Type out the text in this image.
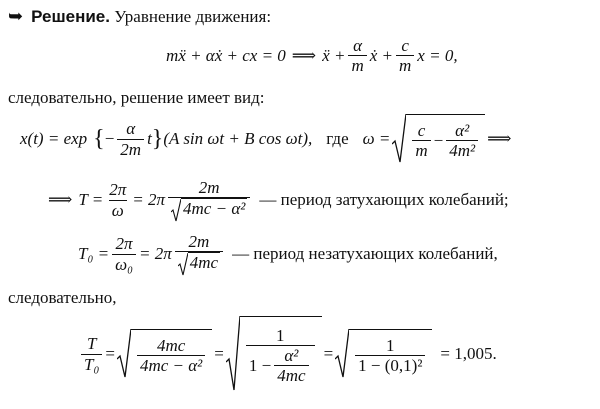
➥ Решение. Уравнение движения:
mẍ + αẋ + cx = 0 ⟹ ẍ + $\frac{\alpha}{m}$ ẋ + $\frac{c}{m}$ x = 0,
следовательно, решение имеет вид:
x(t) = exp { − $\frac{\alpha}{2m}$ t } (A sin ωt + B cos ωt), где $\omega = \frac{c}{m} - \frac{\text{α²}}{\text{4m²}}$ ⟹
⟹ $T = \frac{2\pi}{\omega} = 2\pi \frac{2m}{\text{4mc − α²}}$ — период затухающих колебаний;
$T_0 = \frac{2\pi}{\text{ω₀}} = 2\pi \frac{2m}{4mc}$ — период незатухающих колебаний,
следовательно,
$\frac{T}{\text{T₀}} = \frac{4mc}{\text{4mc − α²}} = \frac{1}{1 - \frac{\text{α²}}{4mc}} = \frac{1}{\text{1 − (0,1)²}} = 1,005$.
